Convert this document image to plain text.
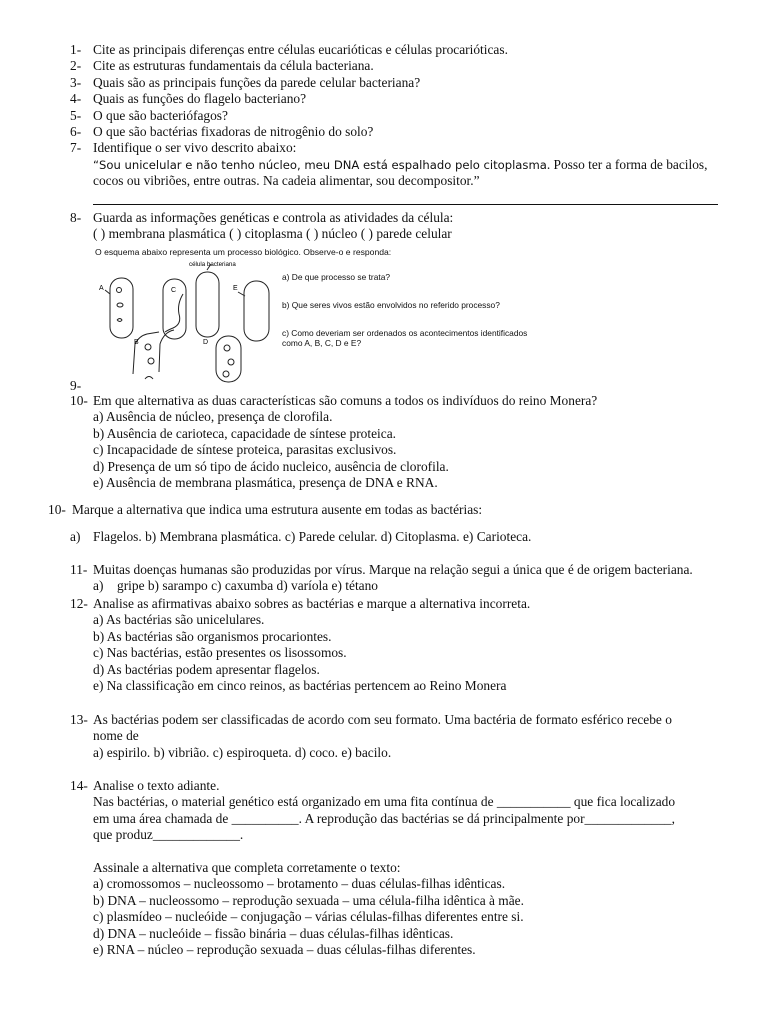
1- Cite as principais diferenças entre células eucarióticas e células procarióticas.
2- Cite as estruturas fundamentais da célula bacteriana.
3- Quais são as principais funções da parede celular bacteriana?
4- Quais as funções do flagelo bacteriano?
5- O que são bacteriófagos?
6- O que são bactérias fixadoras de nitrogênio do solo?
7- Identifique o ser vivo descrito abaixo:
“Sou unicelular e não tenho núcleo, meu DNA está espalhado pelo citoplasma. Posso ter a forma de bacilos,
cocos ou vibriões, entre outras. Na cadeia alimentar, sou decompositor.”
8- Guarda as informações genéticas e controla as atividades da célula:
( ) membrana plasmática ( ) citoplasma ( ) núcleo ( ) parede celular
O esquema abaixo representa um processo biológico. Observe-o e responda:
A	C	E
B	D
célula bacteriana
a) De que processo se trata?
b) Que seres vivos estão envolvidos no referido processo?
c) Como deveriam ser ordenados os acontecimentos identificados
como A, B, C, D e E?
9-
10- Em que alternativa as duas características são comuns a todos os indivíduos do reino Monera?
a) Ausência de núcleo, presença de clorofila.
b) Ausência de carioteca, capacidade de síntese proteica.
c) Incapacidade de síntese proteica, parasitas exclusivos.
d) Presença de um só tipo de ácido nucleico, ausência de clorofila.
e) Ausência de membrana plasmática, presença de DNA e RNA.
10- Marque a alternativa que indica uma estrutura ausente em todas as bactérias:
a) Flagelos. b) Membrana plasmática. c) Parede celular. d) Citoplasma. e) Carioteca.
11- Muitas doenças humanas são produzidas por vírus. Marque na relação segui a única que é de origem bacteriana.
a) gripe b) sarampo c) caxumba d) varíola e) tétano
12- Analise as afirmativas abaixo sobres as bactérias e marque a alternativa incorreta.
a) As bactérias são unicelulares.
b) As bactérias são organismos procariontes.
c) Nas bactérias, estão presentes os lisossomos.
d) As bactérias podem apresentar flagelos.
e) Na classificação em cinco reinos, as bactérias pertencem ao Reino Monera
13- As bactérias podem ser classificadas de acordo com seu formato. Uma bactéria de formato esférico recebe o
nome de
a) espirilo. b) vibrião. c) espiroqueta. d) coco. e) bacilo.
14- Analise o texto adiante.
Nas bactérias, o material genético está organizado em uma fita contínua de ___________ que fica localizado
em uma área chamada de __________. A reprodução das bactérias se dá principalmente por_____________,
que produz_____________.
Assinale a alternativa que completa corretamente o texto:
a) cromossomos – nucleossomo – brotamento – duas células-filhas idênticas.
b) DNA – nucleossomo – reprodução sexuada – uma célula-filha idêntica à mãe.
c) plasmídeo – nucleóide – conjugação – várias células-filhas diferentes entre si.
d) DNA – nucleóide – fissão binária – duas células-filhas idênticas.
e) RNA – núcleo – reprodução sexuada – duas células-filhas diferentes.
